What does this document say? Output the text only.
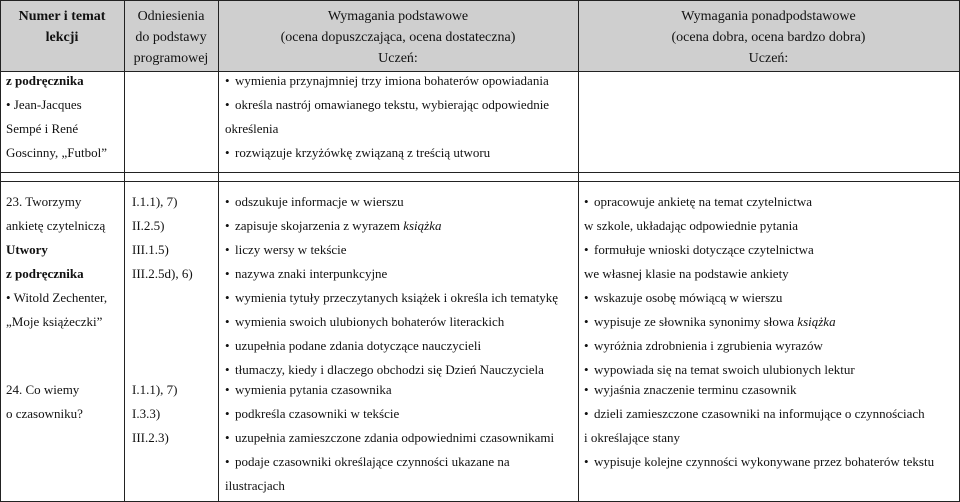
Numer i temat
lekcji
Odniesienia
do podstawy
programowej
Wymagania podstawowe
(ocena dopuszczająca, ocena dostateczna)
Uczeń:
Wymagania ponadpodstawowe
(ocena dobra, ocena bardzo dobra)
Uczeń:
z podręcznika
• Jean-Jacques
Sempé i René
Goscinny, „Futbol”
• wymienia przynajmniej trzy imiona bohaterów opowiadania
• określa nastrój omawianego tekstu, wybierając odpowiednie
określenia
• rozwiązuje krzyżówkę związaną z treścią utworu
23. Tworzymy
ankietę czytelniczą
Utwory
z podręcznika
• Witold Zechenter,
„Moje książeczki”
I.1.1), 7)
II.2.5)
III.1.5)
III.2.5d), 6)
• odszukuje informacje w wierszu
• zapisuje skojarzenia z wyrazem książka
• liczy wersy w tekście
• nazywa znaki interpunkcyjne
• wymienia tytuły przeczytanych książek i określa ich tematykę
• wymienia swoich ulubionych bohaterów literackich
• uzupełnia podane zdania dotyczące nauczycieli
• tłumaczy, kiedy i dlaczego obchodzi się Dzień Nauczyciela
• opracowuje ankietę na temat czytelnictwa
w szkole, układając odpowiednie pytania
• formułuje wnioski dotyczące czytelnictwa
we własnej klasie na podstawie ankiety
• wskazuje osobę mówiącą w wierszu
• wypisuje ze słownika synonimy słowa książka
• wyróżnia zdrobnienia i zgrubienia wyrazów
• wypowiada się na temat swoich ulubionych lektur
24. Co wiemy
o czasowniku?
I.1.1), 7)
I.3.3)
III.2.3)
• wymienia pytania czasownika
• podkreśla czasowniki w tekście
• uzupełnia zamieszczone zdania odpowiednimi czasownikami
• podaje czasowniki określające czynności ukazane na
ilustracjach
• wyjaśnia znaczenie terminu czasownik
• dzieli zamieszczone czasowniki na informujące o czynnościach
i określające stany
• wypisuje kolejne czynności wykonywane przez bohaterów tekstu
